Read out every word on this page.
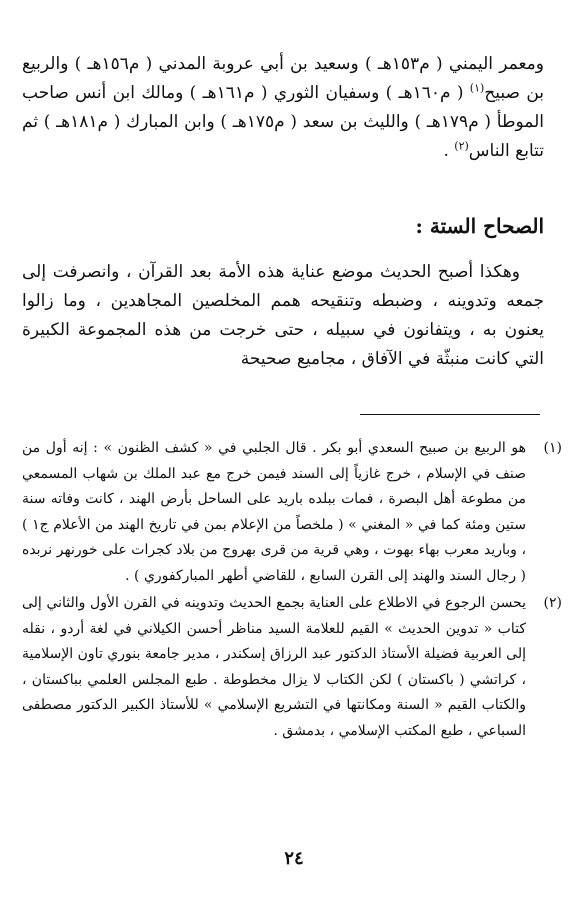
ومعمر اليمني ( م١٥٣هـ ) وسعيد بن أبي عروبة المدني ( م١٥٦هـ ) والربيع بن صبيح$^{(١)}$ ( م١٦٠هـ ) وسفيان الثوري ( م١٦١هـ ) ومالك ابن أنس صاحب الموطأ ( م١٧٩هـ ) والليث بن سعد ( م١٧٥هـ ) وابن المبارك ( م١٨١هـ ) ثم تتابع الناس$^{(٢)}$ .

الصحاح الستة :

وهكذا أصبح الحديث موضع عناية هذه الأمة بعد القرآن ، وانصرفت إلى جمعه وتدوينه ، وضبطه وتنقيحه همم المخلصين المجاهدين ، وما زالوا يعنون به ، ويتفانون في سبيله ، حتى خرجت من هذه المجموعة الكبيرة التي كانت منبثّة في الآفاق ، مجاميع صحيحة

(١)
هو الربيع بن صبيح السعدي أبو بكر . قال الجلبي في « كشف الظنون » : إنه أول من صنف في الإسلام ، خرج غازياً إلى السند فيمن خرج مع عبد الملك بن شهاب المسمعي من مطوعة أهل البصرة ، فمات ببلده باريد على الساحل بأرض الهند ، كانت وفاته سنة ستين ومئة كما في « المغني » ( ملخصاً من الإعلام بمن في تاريخ الهند من الأعلام ج١ ) ، وباريد معرب بهاء بهوت ، وهي قرية من قرى بهروج من بلاد كجرات على خورنهر نربده ( رجال السند والهند إلى القرن السابع ، للقاضي أطهر المباركفوري ) .
(٢)
يحسن الرجوع في الاطلاع على العناية بجمع الحديث وتدوينه في القرن الأول والثاني إلى كتاب « تدوين الحديث » القيم للعلامة السيد مناظر أحسن الكيلاني في لغة أردو ، نقله إلى العربية فضيلة الأستاذ الدكتور عبد الرزاق إسكندر ، مدير جامعة بنوري تاون الإسلامية ، كراتشي ( باكستان ) لكن الكتاب لا يزال مخطوطة . طبع المجلس العلمي بباكستان ، والكتاب القيم « السنة ومكانتها في التشريع الإسلامي » للأستاذ الكبير الدكتور مصطفى السباعي ، طبع المكتب الإسلامي ، بدمشق .
٢٤
